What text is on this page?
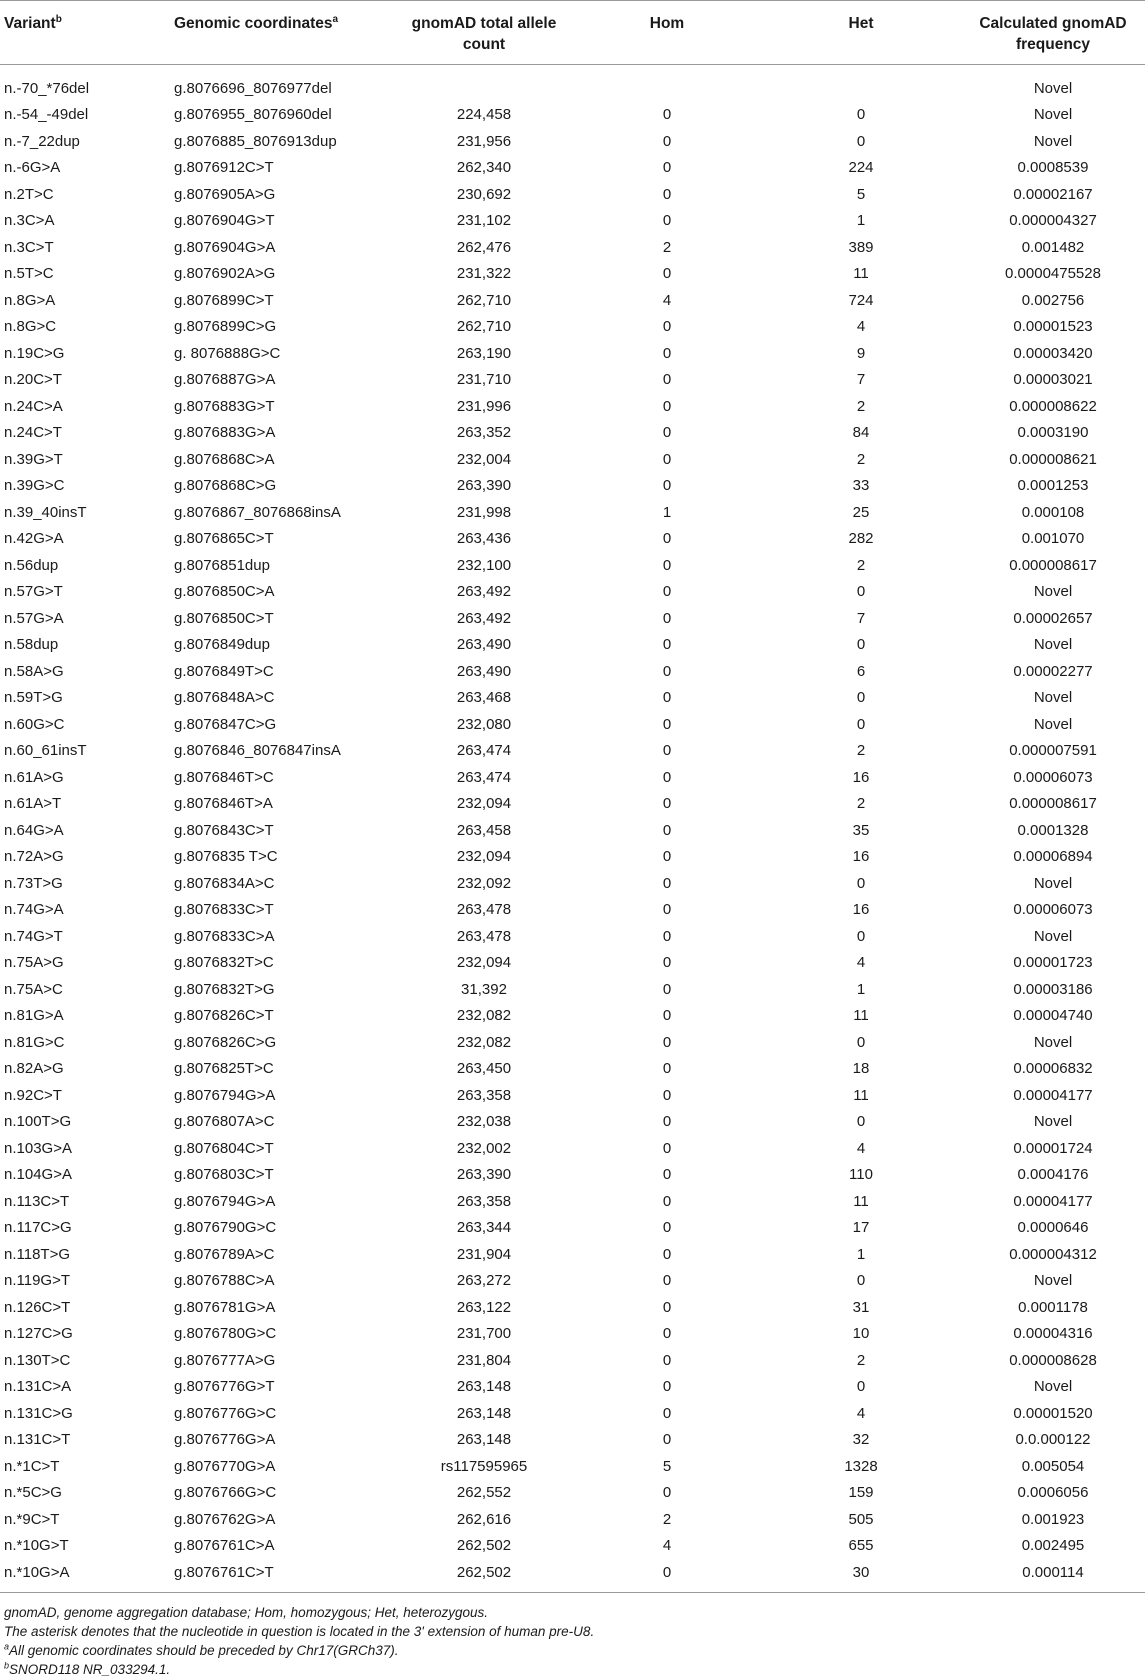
Variant$^b$	Genomic coordinates$^a$	gnomAD total allele count	Hom	Het	Calculated gnomAD frequency
n.-70_*76del	g.8076696_8076977del				Novel
n.-54_-49del	g.8076955_8076960del	224,458	0	0	Novel
n.-7_22dup	g.8076885_8076913dup	231,956	0	0	Novel
n.-6G>A	g.8076912C>T	262,340	0	224	0.0008539
n.2T>C	g.8076905A>G	230,692	0	5	0.00002167
n.3C>A	g.8076904G>T	231,102	0	1	0.000004327
n.3C>T	g.8076904G>A	262,476	2	389	0.001482
n.5T>C	g.8076902A>G	231,322	0	11	0.0000475528
n.8G>A	g.8076899C>T	262,710	4	724	0.002756
n.8G>C	g.8076899C>G	262,710	0	4	0.00001523
n.19C>G	g. 8076888G>C	263,190	0	9	0.00003420
n.20C>T	g.8076887G>A	231,710	0	7	0.00003021
n.24C>A	g.8076883G>T	231,996	0	2	0.000008622
n.24C>T	g.8076883G>A	263,352	0	84	0.0003190
n.39G>T	g.8076868C>A	232,004	0	2	0.000008621
n.39G>C	g.8076868C>G	263,390	0	33	0.0001253
n.39_40insT	g.8076867_8076868insA	231,998	1	25	0.000108
n.42G>A	g.8076865C>T	263,436	0	282	0.001070
n.56dup	g.8076851dup	232,100	0	2	0.000008617
n.57G>T	g.8076850C>A	263,492	0	0	Novel
n.57G>A	g.8076850C>T	263,492	0	7	0.00002657
n.58dup	g.8076849dup	263,490	0	0	Novel
n.58A>G	g.8076849T>C	263,490	0	6	0.00002277
n.59T>G	g.8076848A>C	263,468	0	0	Novel
n.60G>C	g.8076847C>G	232,080	0	0	Novel
n.60_61insT	g.8076846_8076847insA	263,474	0	2	0.000007591
n.61A>G	g.8076846T>C	263,474	0	16	0.00006073
n.61A>T	g.8076846T>A	232,094	0	2	0.000008617
n.64G>A	g.8076843C>T	263,458	0	35	0.0001328
n.72A>G	g.8076835 T>C	232,094	0	16	0.00006894
n.73T>G	g.8076834A>C	232,092	0	0	Novel
n.74G>A	g.8076833C>T	263,478	0	16	0.00006073
n.74G>T	g.8076833C>A	263,478	0	0	Novel
n.75A>G	g.8076832T>C	232,094	0	4	0.00001723
n.75A>C	g.8076832T>G	31,392	0	1	0.00003186
n.81G>A	g.8076826C>T	232,082	0	11	0.00004740
n.81G>C	g.8076826C>G	232,082	0	0	Novel
n.82A>G	g.8076825T>C	263,450	0	18	0.00006832
n.92C>T	g.8076794G>A	263,358	0	11	0.00004177
n.100T>G	g.8076807A>C	232,038	0	0	Novel
n.103G>A	g.8076804C>T	232,002	0	4	0.00001724
n.104G>A	g.8076803C>T	263,390	0	110	0.0004176
n.113C>T	g.8076794G>A	263,358	0	11	0.00004177
n.117C>G	g.8076790G>C	263,344	0	17	0.0000646
n.118T>G	g.8076789A>C	231,904	0	1	0.000004312
n.119G>T	g.8076788C>A	263,272	0	0	Novel
n.126C>T	g.8076781G>A	263,122	0	31	0.0001178
n.127C>G	g.8076780G>C	231,700	0	10	0.00004316
n.130T>C	g.8076777A>G	231,804	0	2	0.000008628
n.131C>A	g.8076776G>T	263,148	0	0	Novel
n.131C>G	g.8076776G>C	263,148	0	4	0.00001520
n.131C>T	g.8076776G>A	263,148	0	32	0.0.000122
n.*1C>T	g.8076770G>A	rs117595965	5	1328	0.005054
n.*5C>G	g.8076766G>C	262,552	0	159	0.0006056
n.*9C>T	g.8076762G>A	262,616	2	505	0.001923
n.*10G>T	g.8076761C>A	262,502	4	655	0.002495
n.*10G>A	g.8076761C>T	262,502	0	30	0.000114

gnomAD, genome aggregation database; Hom, homozygous; Het, heterozygous.

The asterisk denotes that the nucleotide in question is located in the 3' extension of human pre-U8.

$^a$All genomic coordinates should be preceded by Chr17(GRCh37).

$^b$SNORD118 NR_033294.1.
